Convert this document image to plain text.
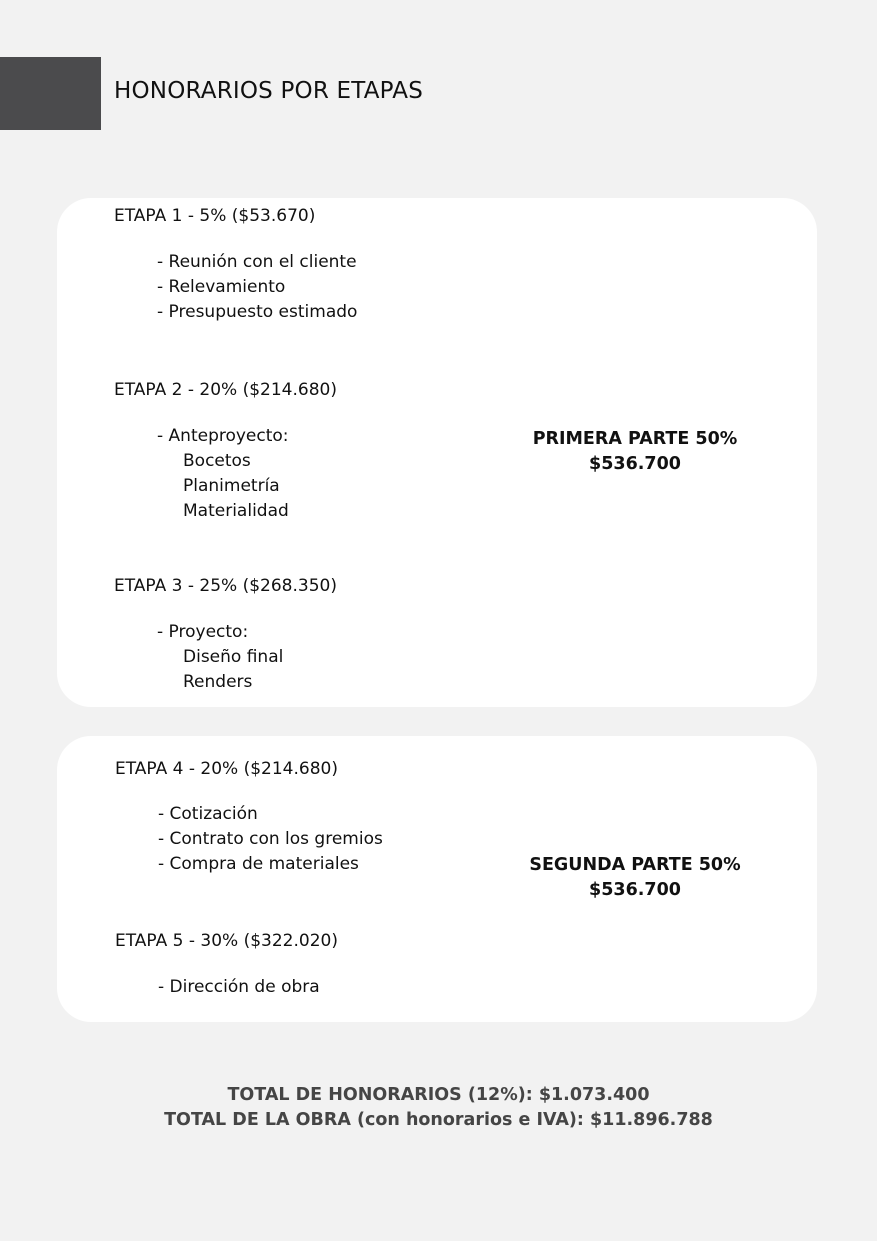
HONORARIOS POR ETAPAS
ETAPA 1 - 5% ($53.670)
- Reunión con el cliente
- Relevamiento
- Presupuesto estimado
ETAPA 2 - 20% ($214.680)
- Anteproyecto:
Bocetos
Planimetría
Materialidad
ETAPA 3 - 25% ($268.350)
- Proyecto:
Diseño final
Renders
PRIMERA PARTE 50%
$536.700
ETAPA 4 - 20% ($214.680)
- Cotización
- Contrato con los gremios
- Compra de materiales
ETAPA 5 - 30% ($322.020)
- Dirección de obra
SEGUNDA PARTE 50%
$536.700
TOTAL DE HONORARIOS (12%): $1.073.400
TOTAL DE LA OBRA (con honorarios e IVA): $11.896.788
